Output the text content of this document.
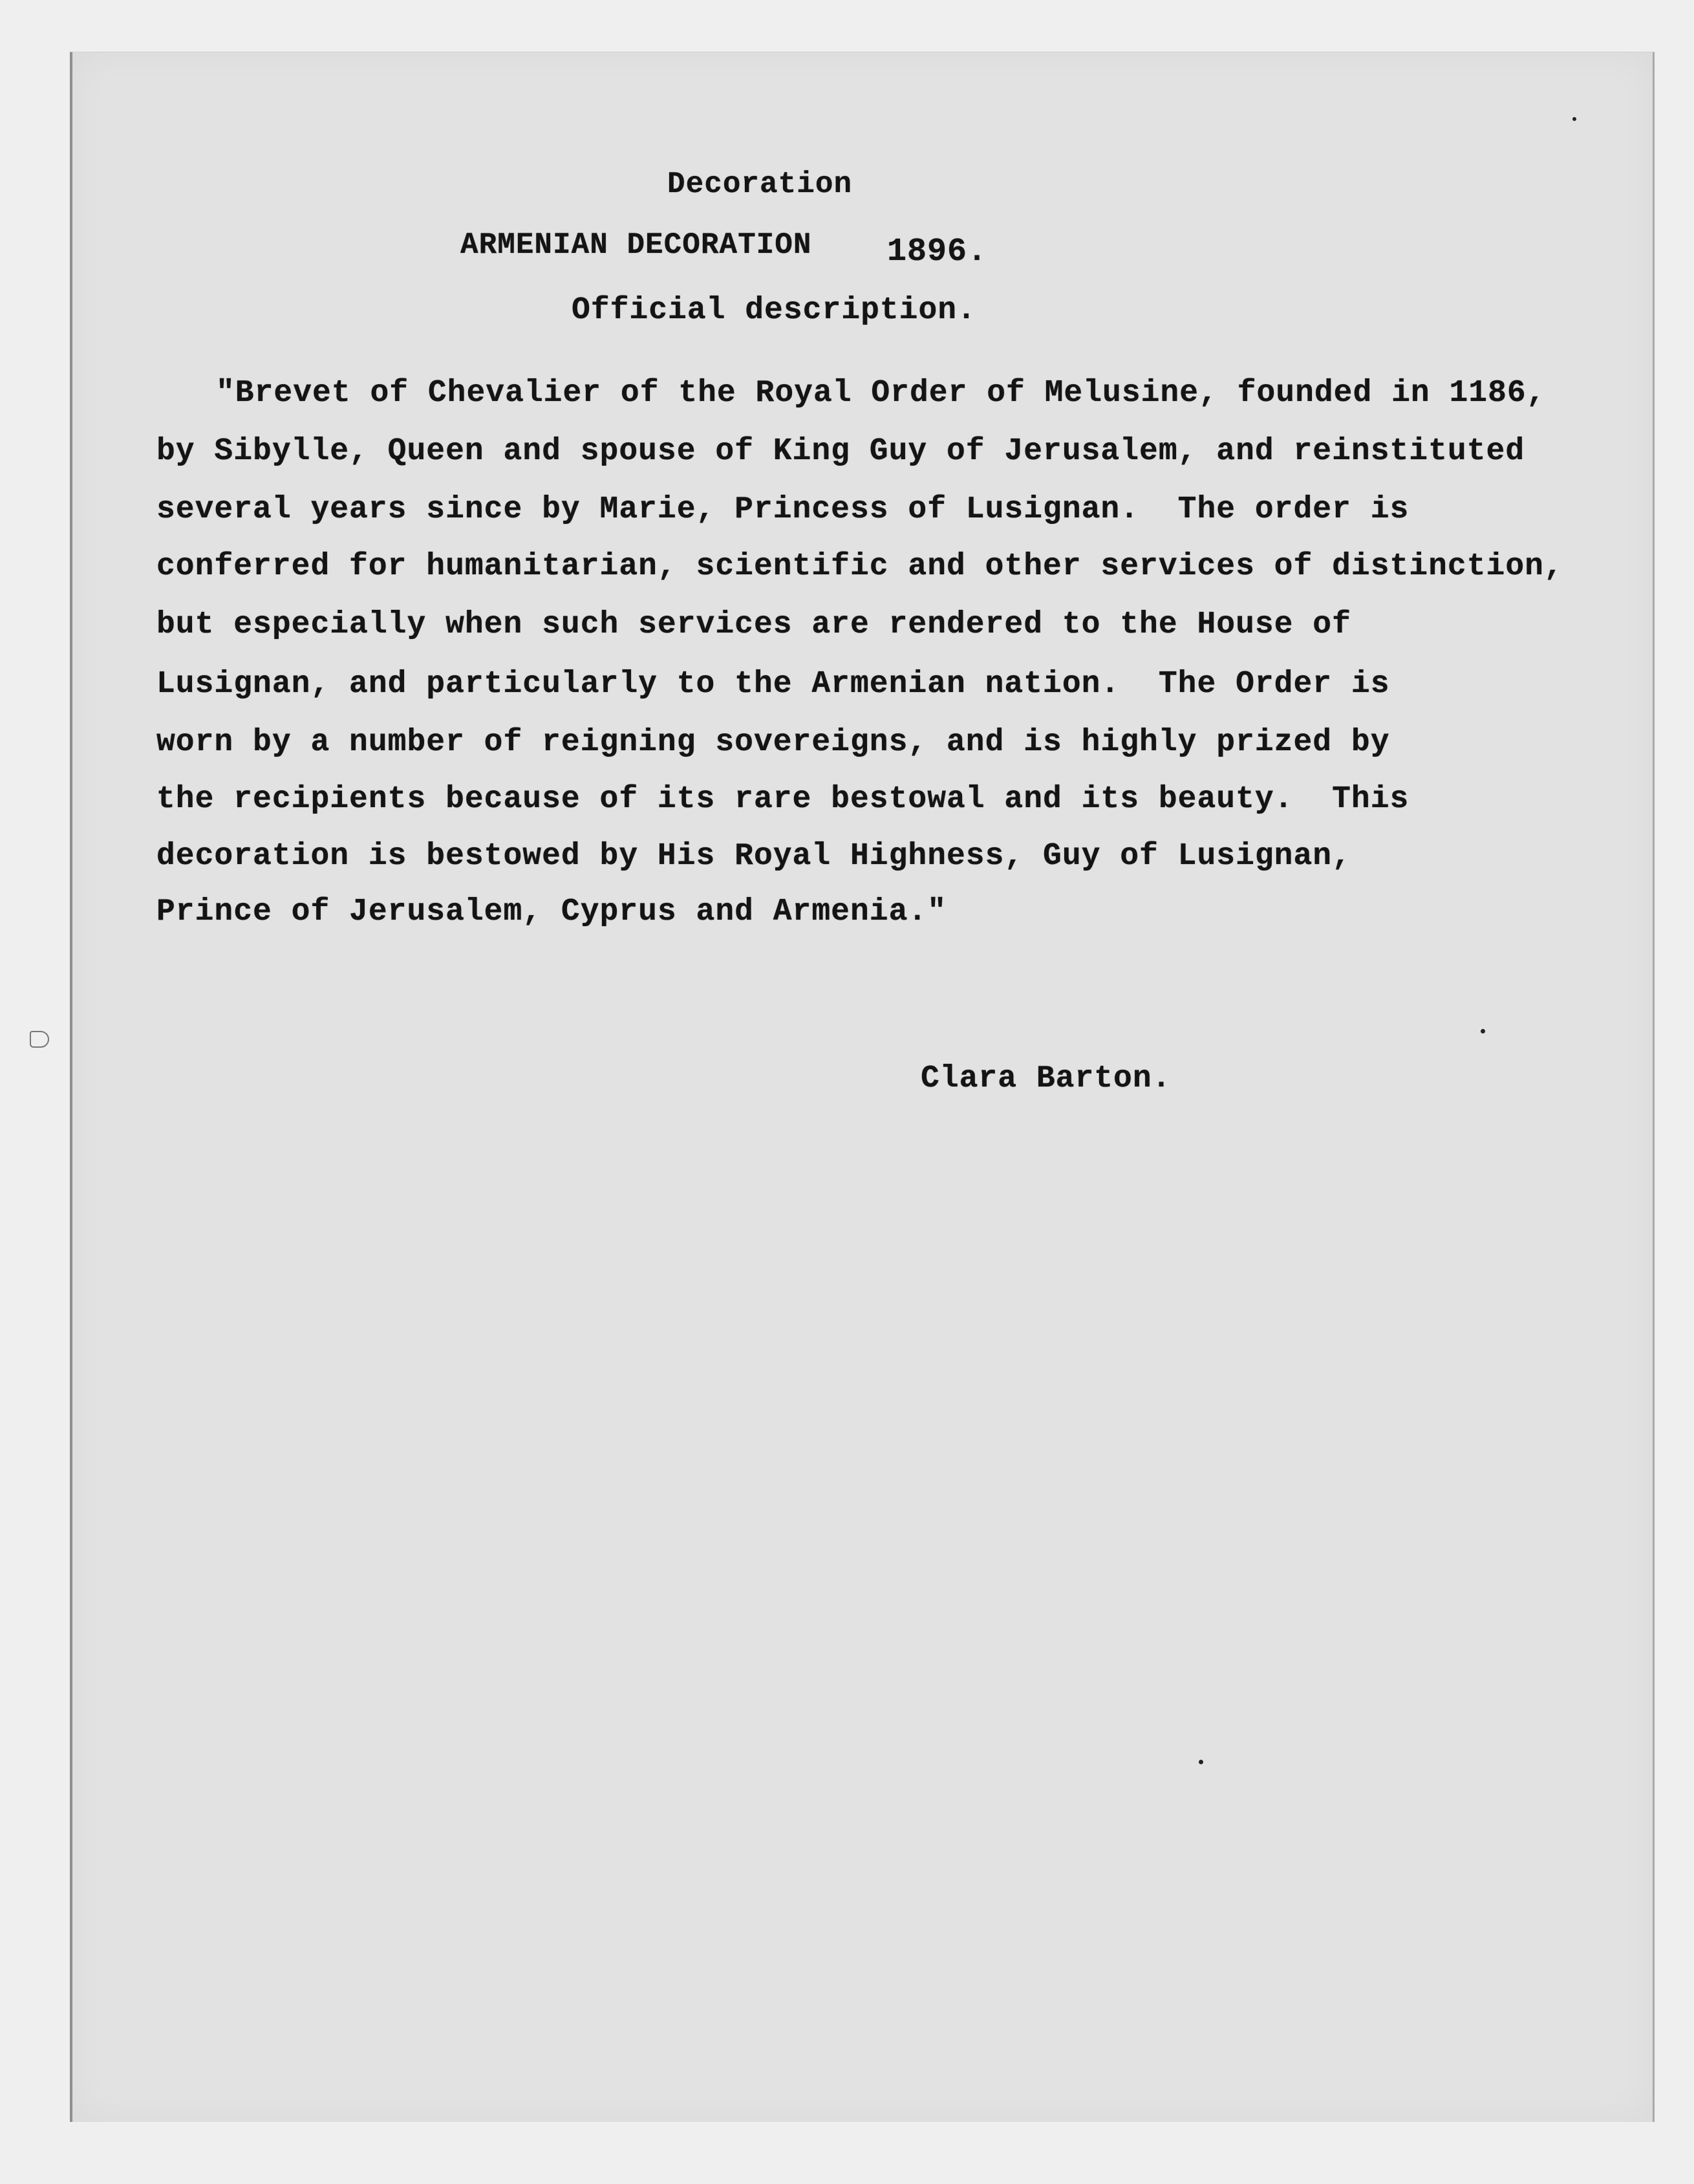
Decoration
ARMENIAN DECORATION 1896.
Official description.
"Brevet of Chevalier of the Royal Order of Melusine, founded in 1186,
by Sibylle, Queen and spouse of King Guy of Jerusalem, and reinstituted
several years since by Marie, Princess of Lusignan.  The order is
conferred for humanitarian, scientific and other services of distinction,
but especially when such services are rendered to the House of
Lusignan, and particularly to the Armenian nation.  The Order is
worn by a number of reigning sovereigns, and is highly prized by
the recipients because of its rare bestowal and its beauty.  This
decoration is bestowed by His Royal Highness, Guy of Lusignan,
Prince of Jerusalem, Cyprus and Armenia."
Clara Barton.
